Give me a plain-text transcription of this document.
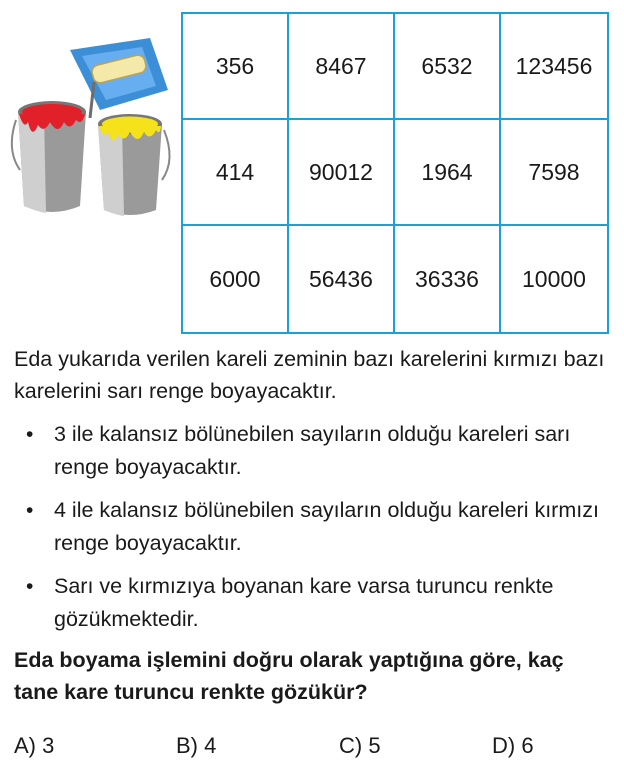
356	8467	6532	123456
414	90012	1964	7598
6000	56436	36336	10000
Eda yukarıda verilen kareli zeminin bazı karelerini kırmızı bazı karelerini sarı renge boyayacaktır.
• 3 ile kalansız bölünebilen sayıların olduğu kareleri sarı renge boyayacaktır.
• 4 ile kalansız bölünebilen sayıların olduğu kareleri kırmızı renge boyayacaktır.
• Sarı ve kırmızıya boyanan kare varsa turuncu renkte gözükmektedir.
Eda boyama işlemini doğru olarak yaptığına göre, kaç tane kare turuncu renkte gözükür?
A) 3	B) 4	C) 5	D) 6
